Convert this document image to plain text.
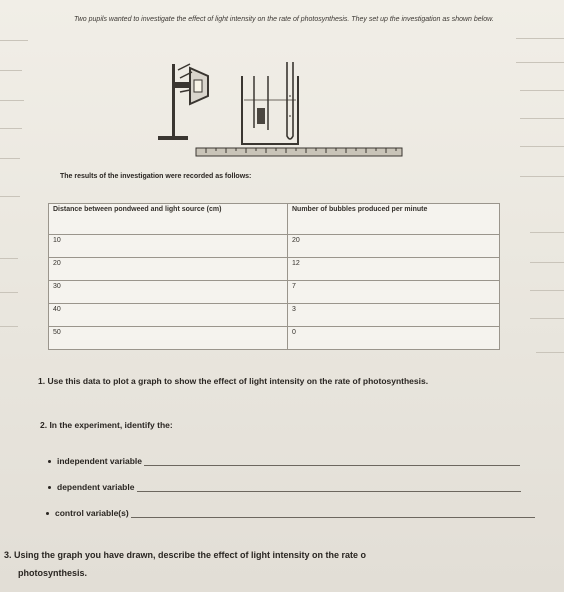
Two pupils wanted to investigate the effect of light intensity on the rate of photosynthesis. They set up the investigation as shown below.
The results of the investigation were recorded as follows:
Distance between pondweed and light source (cm)	Number of bubbles produced per minute
10	20
20	12
30	7
40	3
50	0
1. Use this data to plot a graph to show the effect of light intensity on the rate of photosynthesis.
2. In the experiment, identify the:
independent variable
dependent variable
control variable(s)
3. Using the graph you have drawn, describe the effect of light intensity on the rate o
photosynthesis.
